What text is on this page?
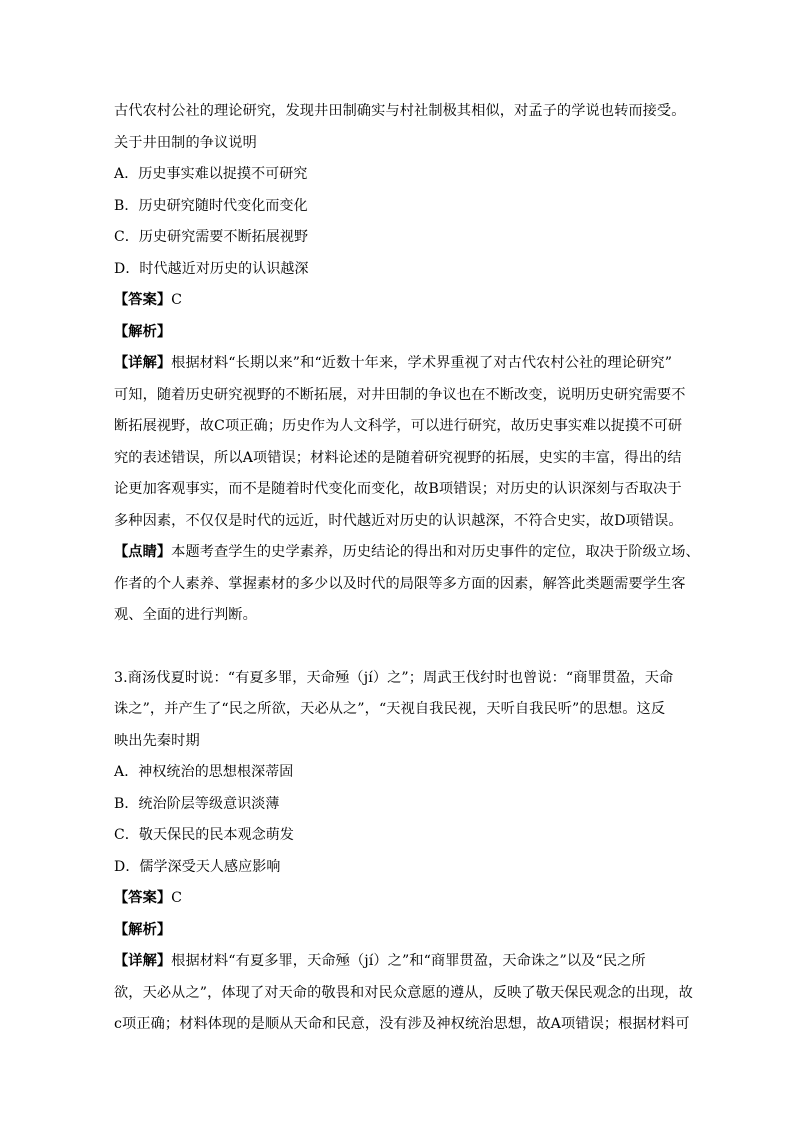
古代农村公社的理论研究，发现井田制确实与村社制极其相似，对孟子的学说也转而接受。
关于井田制的争议说明
A．历史事实难以捉摸不可研究
B．历史研究随时代变化而变化
C．历史研究需要不断拓展视野
D．时代越近对历史的认识越深
【答案】C
【解析】
【详解】根据材料“长期以来”和“近数十年来，学术界重视了对古代农村公社的理论研究”
可知，随着历史研究视野的不断拓展，对井田制的争议也在不断改变，说明历史研究需要不
断拓展视野，故C项正确；历史作为人文科学，可以进行研究，故历史事实难以捉摸不可研
究的表述错误，所以A项错误；材料论述的是随着研究视野的拓展，史实的丰富，得出的结
论更加客观事实，而不是随着时代变化而变化，故B项错误；对历史的认识深刻与否取决于
多种因素，不仅仅是时代的远近，时代越近对历史的认识越深，不符合史实，故D项错误。
【点睛】本题考查学生的史学素养，历史结论的得出和对历史事件的定位，取决于阶级立场、
作者的个人素养、掌握素材的多少以及时代的局限等多方面的因素，解答此类题需要学生客
观、全面的进行判断。
3.商汤伐夏时说：“有夏多罪，天命殛（jí）之”；周武王伐纣时也曾说：“商罪贯盈，天命
诛之”，并产生了“民之所欲，天必从之”，“天视自我民视，天听自我民听”的思想。这反
映出先秦时期
A．神权统治的思想根深蒂固
B．统治阶层等级意识淡薄
C．敬天保民的民本观念萌发
D．儒学深受天人感应影响
【答案】C
【解析】
【详解】根据材料“有夏多罪，天命殛（jí）之”和“商罪贯盈，天命诛之”以及“民之所
欲，天必从之”，体现了对天命的敬畏和对民众意愿的遵从，反映了敬天保民观念的出现，故
c项正确；材料体现的是顺从天命和民意，没有涉及神权统治思想，故A项错误；根据材料可
